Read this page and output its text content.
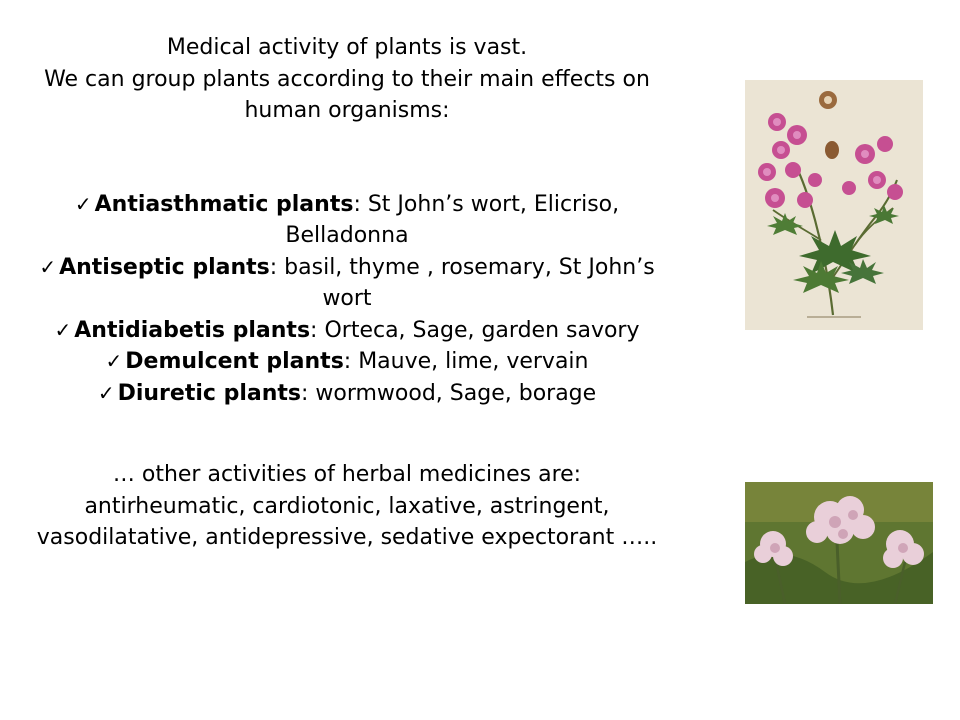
Medical activity of plants is vast.
We can group plants according to their main effects on human organisms:
✓ Antiasthmatic plants: St John’s wort, Elicriso, Belladonna
✓ Antiseptic plants: basil, thyme , rosemary, St John’s wort
✓ Antidiabetis plants: Orteca, Sage, garden savory
✓ Demulcent plants: Mauve, lime, vervain
✓ Diuretic plants: wormwood, Sage, borage
… other activities of herbal medicines are: antirheumatic, cardiotonic, laxative, astringent, vasodilatative, antidepressive, sedative expectorant …..
